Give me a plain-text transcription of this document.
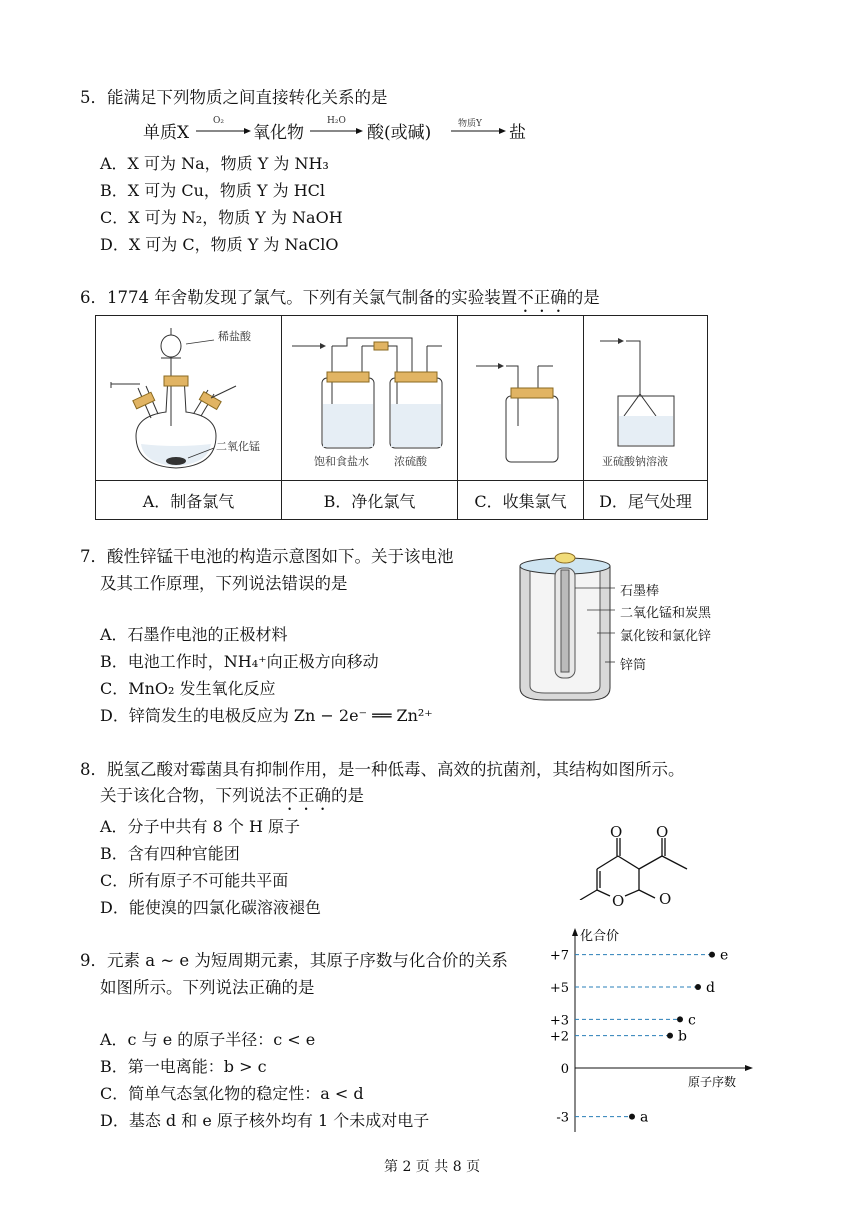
5．能满足下列物质之间直接转化关系的是
单质X
O₂
氧化物
H₂O
酸(或碱)	物质Y 盐
A．X 可为 Na，物质 Y 为 NH₃
B．X 可为 Cu，物质 Y 为 HCl
C．X 可为 N₂，物质 Y 为 NaOH
D．X 可为 C，物质 Y 为 NaClO
6．1774 年舍勒发现了氯气。下列有关氯气制备的实验装置不正确的是
稀盐酸
二氧化锰	饱和食盐水 浓硫酸		亚硫酸钠溶液

A．制备氯气	B．净化氯气	C．收集氯气	D．尾气处理
7．酸性锌锰干电池的构造示意图如下。关于该电池
及其工作原理，下列说法错误的是	石墨棒
二氧化锰和炭黑
氯化铵和氯化锌
锌筒
A．石墨作电池的正极材料
B．电池工作时，NH₄⁺向正极方向移动
C．MnO₂ 发生氧化反应
D．锌筒发生的电极反应为 Zn − 2e⁻ ══ Zn²⁺
8．脱氢乙酸对霉菌具有抑制作用，是一种低毒、高效的抗菌剂，其结构如图所示。
关于该化合物，下列说法不正确的是
O O
O O
A．分子中共有 8 个 H 原子
B．含有四种官能团
C．所有原子不可能共平面
D．能使溴的四氯化碳溶液褪色
9．元素 a ~ e 为短周期元素，其原子序数与化合价的关系
如图所示。下列说法正确的是
A．c 与 e 的原子半径：c < e
B．第一电离能：b > c
C．简单气态氢化物的稳定性：a < d
D．基态 d 和 e 原子核外均有 1 个未成对电子
化合价
原子序数
+7
+5
+3
+2
0
-3
e
d
c
b
a
第 2 页 共 8 页
